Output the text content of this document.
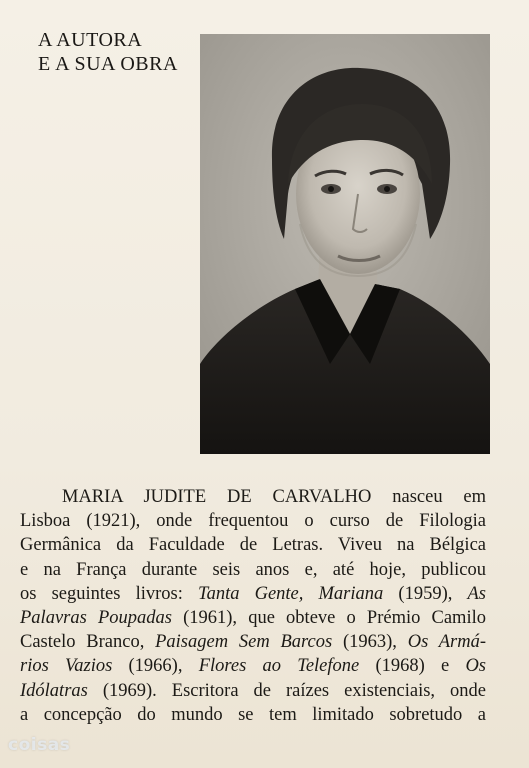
A AUTORA
E A SUA OBRA
MARIA JUDITE DE CARVALHO nasceu em
Lisboa (1921), onde frequentou o curso de Filologia
Germânica da Faculdade de Letras. Viveu na Bélgica
e na França durante seis anos e, até hoje, publicou
os seguintes livros: Tanta Gente, Mariana (1959), As
Palavras Poupadas (1961), que obteve o Prémio Camilo
Castelo Branco, Paisagem Sem Barcos (1963), Os Armá-
rios Vazios (1966), Flores ao Telefone (1968) e Os
Idólatras (1969). Escritora de raízes existenciais, onde
a concepção do mundo se tem limitado sobretudo a
coisas
